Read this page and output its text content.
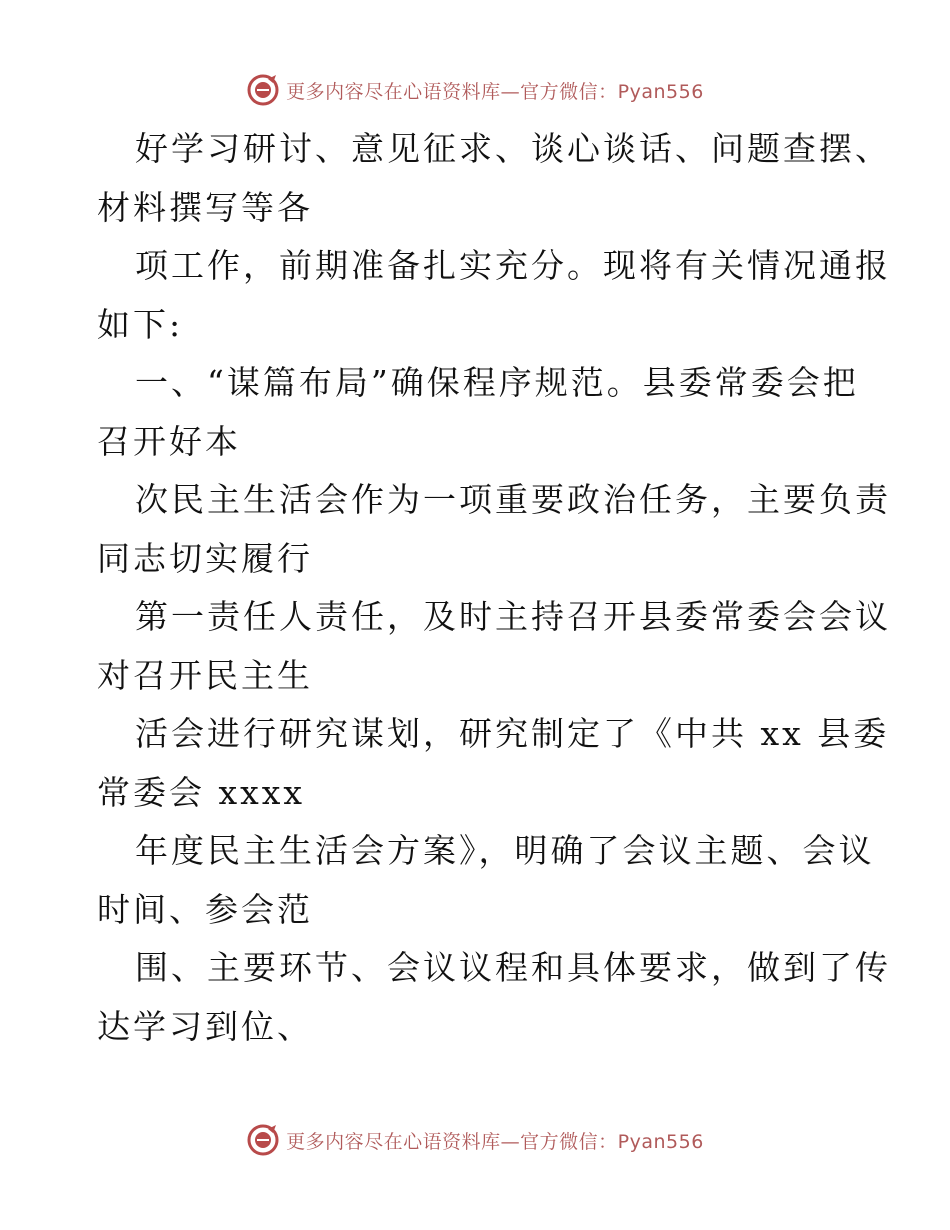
更多内容尽在心语资料库—官方微信：Pyan556
好学习研讨、意见征求、谈心谈话、问题查摆、
材料撰写等各
项工作，前期准备扎实充分。现将有关情况通报
如下:
一、“谋篇布局”确保程序规范。县委常委会把
召开好本
次民主生活会作为一项重要政治任务，主要负责
同志切实履行
第一责任人责任，及时主持召开县委常委会会议
对召开民主生
活会进行研究谋划，研究制定了《中共 xx 县委
常委会 xxxx
年度民主生活会方案》，明确了会议主题、会议
时间、参会范
围、主要环节、会议议程和具体要求，做到了传
达学习到位、
更多内容尽在心语资料库—官方微信：Pyan556
